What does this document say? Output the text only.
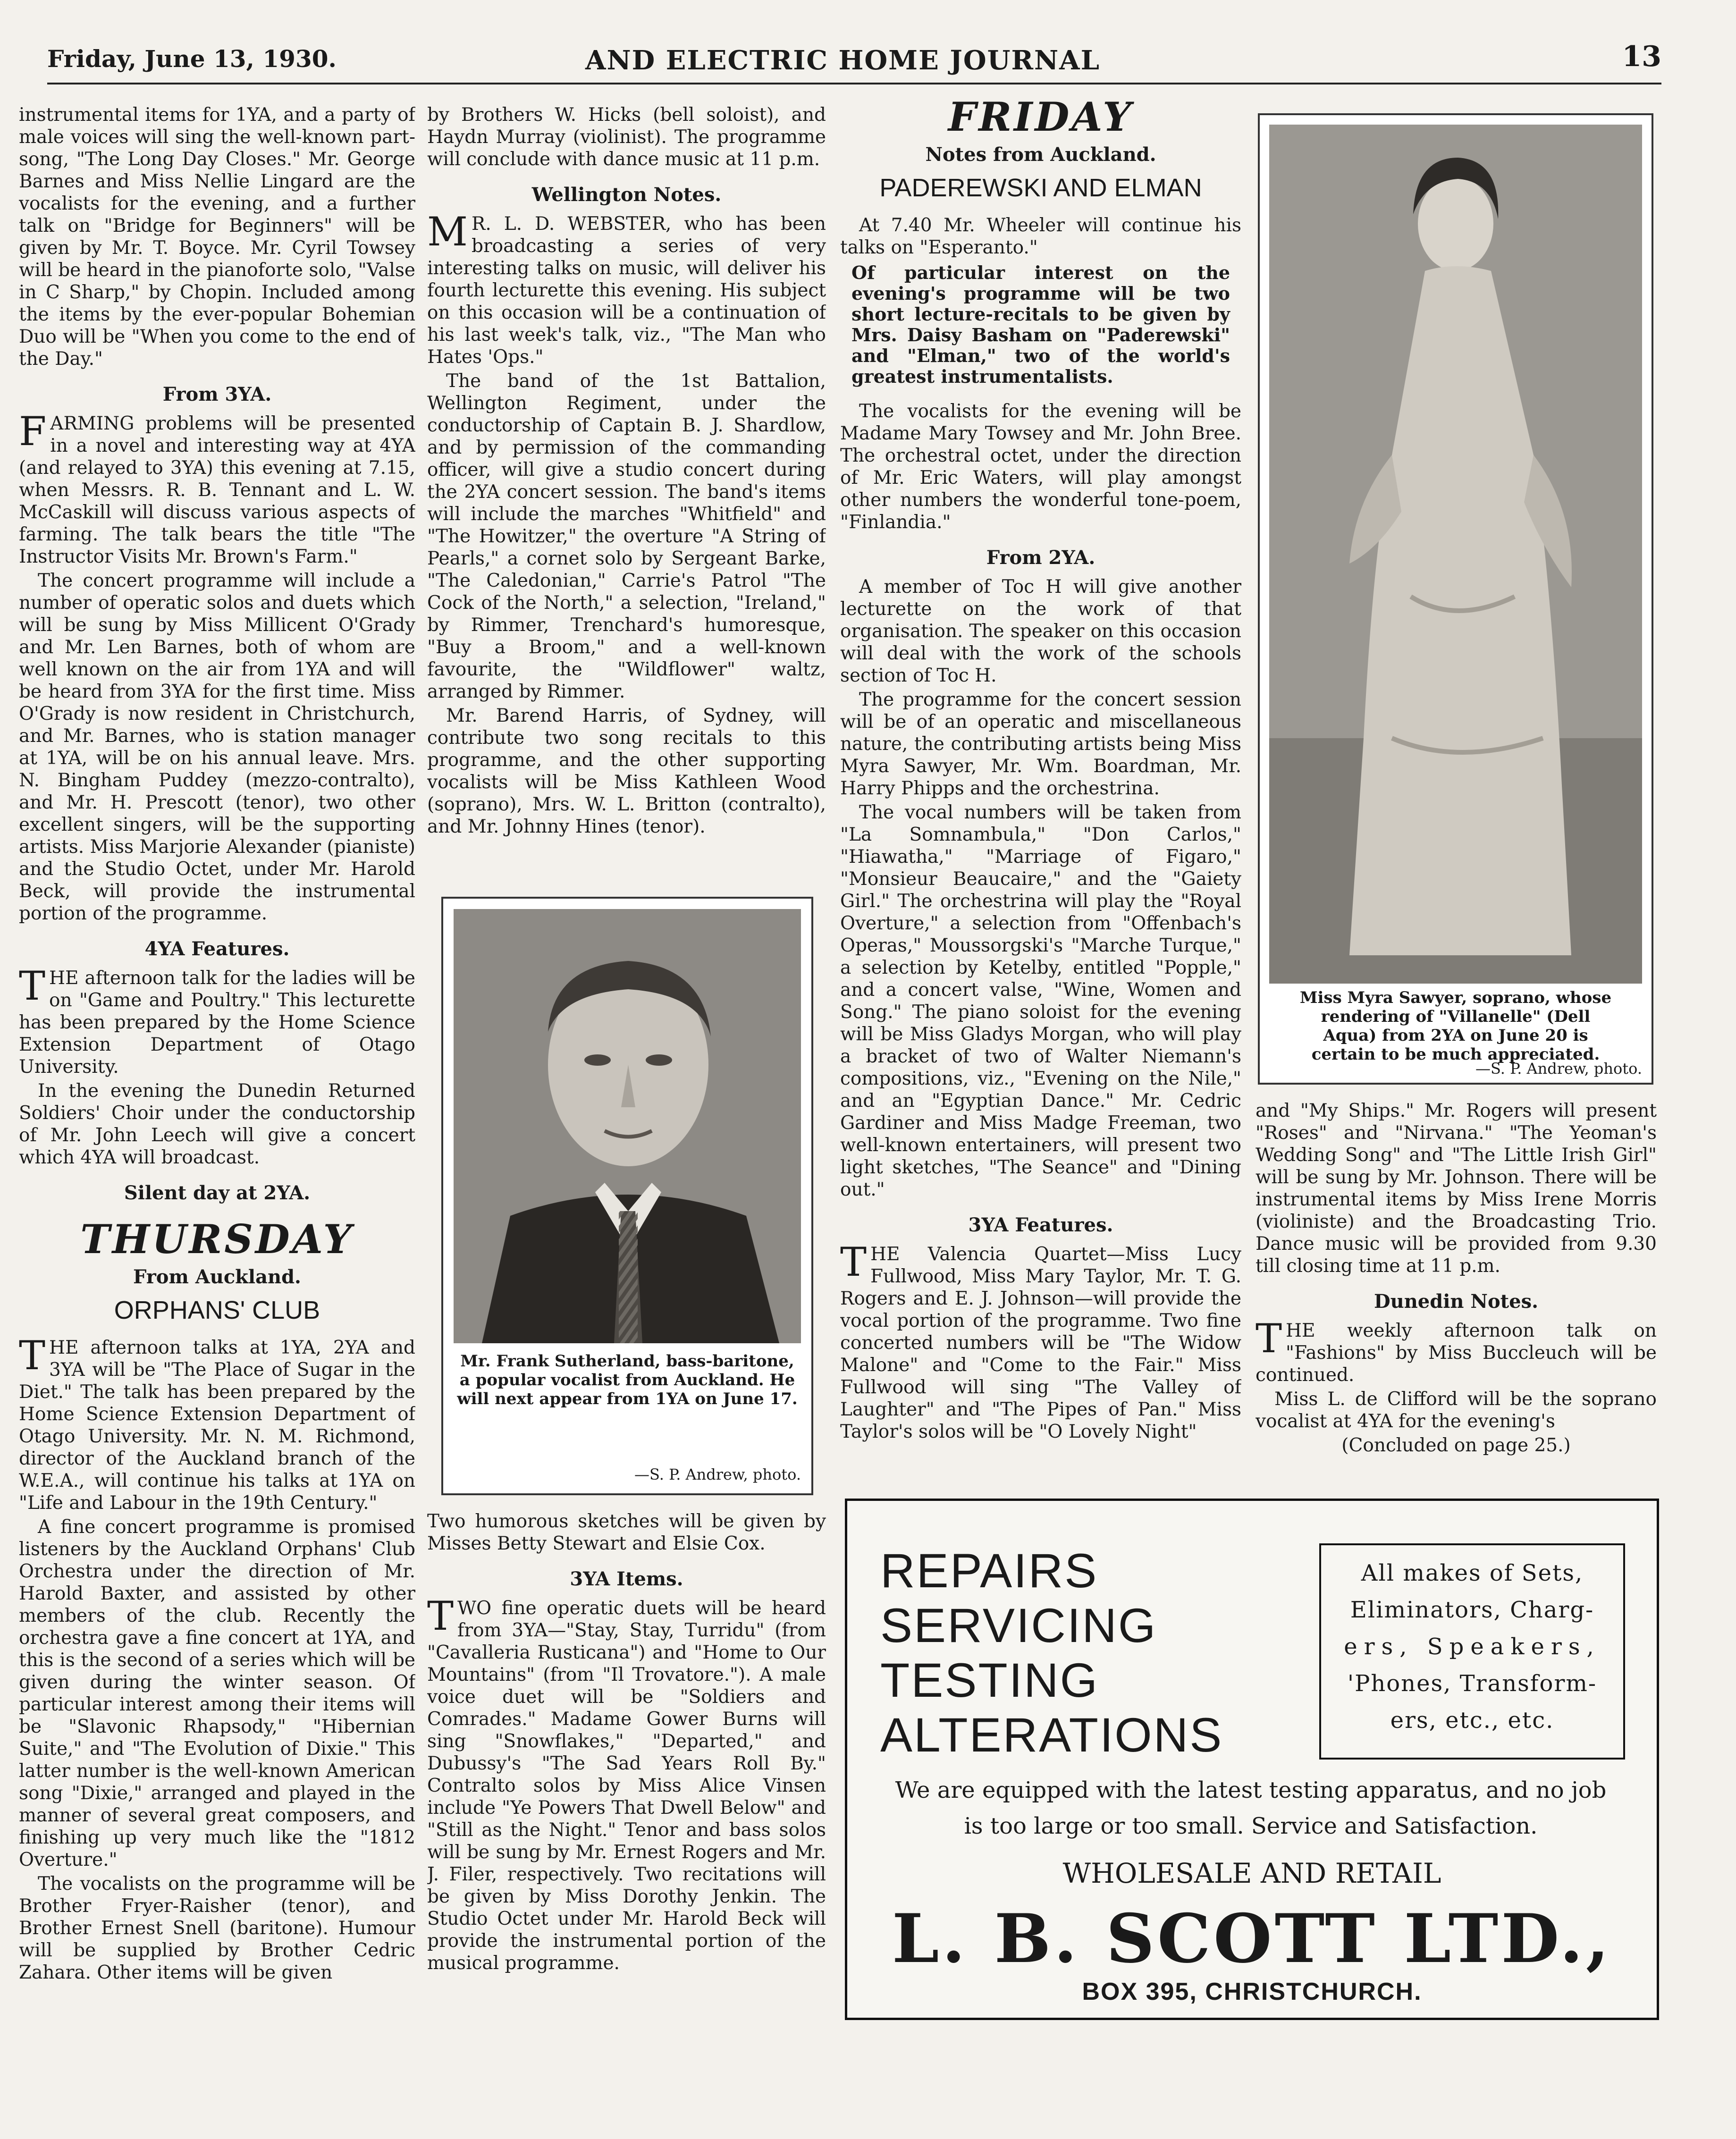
Friday, June 13, 1930.	AND ELECTRIC HOME JOURNAL	13

instrumental items for 1YA, and a party of male voices will sing the well-known part-song, "The Long Day Closes." Mr. George Barnes and Miss Nellie Lingard are the vocalists for the evening, and a further talk on "Bridge for Beginners" will be given by Mr. T. Boyce. Mr. Cyril Towsey will be heard in the pianoforte solo, "Valse in C Sharp," by Chopin. Included among the items by the ever-popular Bohemian Duo will be "When you come to the end of the Day."

From 3YA.

FARMING problems will be presented in a novel and interesting way at 4YA (and relayed to 3YA) this evening at 7.15, when Messrs. R. B. Tennant and L. W. McCaskill will discuss various aspects of farming. The talk bears the title "The Instructor Visits Mr. Brown's Farm."

The concert programme will include a number of operatic solos and duets which will be sung by Miss Millicent O'Grady and Mr. Len Barnes, both of whom are well known on the air from 1YA and will be heard from 3YA for the first time. Miss O'Grady is now resident in Christchurch, and Mr. Barnes, who is station manager at 1YA, will be on his annual leave. Mrs. N. Bingham Puddey (mezzo-contralto), and Mr. H. Prescott (tenor), two other excellent singers, will be the supporting artists. Miss Marjorie Alexander (pianiste) and the Studio Octet, under Mr. Harold Beck, will provide the instrumental portion of the programme.

4YA Features.

THE afternoon talk for the ladies will be on "Game and Poultry." This lecturette has been prepared by the Home Science Extension Department of Otago University.

In the evening the Dunedin Returned Soldiers' Choir under the conductorship of Mr. John Leech will give a concert which 4YA will broadcast.

Silent day at 2YA.
THURSDAY
From Auckland.
ORPHANS' CLUB

THE afternoon talks at 1YA, 2YA and 3YA will be "The Place of Sugar in the Diet." The talk has been prepared by the Home Science Extension Department of Otago University. Mr. N. M. Richmond, director of the Auckland branch of the W.E.A., will continue his talks at 1YA on "Life and Labour in the 19th Century."

A fine concert programme is promised listeners by the Auckland Orphans' Club Orchestra under the direction of Mr. Harold Baxter, and assisted by other members of the club. Recently the orchestra gave a fine concert at 1YA, and this is the second of a series which will be given during the winter season. Of particular interest among their items will be "Slavonic Rhapsody," "Hibernian Suite," and "The Evolution of Dixie." This latter number is the well-known American song "Dixie," arranged and played in the manner of several great composers, and finishing up very much like the "1812 Overture."

The vocalists on the programme will be Brother Fryer-Raisher (tenor), and Brother Ernest Snell (baritone). Humour will be supplied by Brother Cedric Zahara. Other items will be given

by Brothers W. Hicks (bell soloist), and Haydn Murray (violinist). The programme will conclude with dance music at 11 p.m.

Wellington Notes.

MR. L. D. WEBSTER, who has been broadcasting a series of very interesting talks on music, will deliver his fourth lecturette this evening. His subject on this occasion will be a continuation of his last week's talk, viz., "The Man who Hates 'Ops."

The band of the 1st Battalion, Wellington Regiment, under the conductorship of Captain B. J. Shardlow, and by permission of the commanding officer, will give a studio concert during the 2YA concert session. The band's items will include the marches "Whitfield" and "The Howitzer," the overture "A String of Pearls," a cornet solo by Sergeant Barke, "The Caledonian," Carrie's Patrol "The Cock of the North," a selection, "Ireland," by Rimmer, Trenchard's humoresque, "Buy a Broom," and a well-known favourite, the "Wildflower" waltz, arranged by Rimmer.

Mr. Barend Harris, of Sydney, will contribute two song recitals to this programme, and the other supporting vocalists will be Miss Kathleen Wood (soprano), Mrs. W. L. Britton (contralto), and Mr. Johnny Hines (tenor).

Mr. Frank Sutherland, bass-baritone, a popular vocalist from Auckland. He will next appear from 1YA on June 17.
—S. P. Andrew, photo.

Two humorous sketches will be given by Misses Betty Stewart and Elsie Cox.

3YA Items.

TWO fine operatic duets will be heard from 3YA—"Stay, Stay, Turridu" (from "Cavalleria Rusticana") and "Home to Our Mountains" (from "Il Trovatore."). A male voice duet will be "Soldiers and Comrades." Madame Gower Burns will sing "Snowflakes," "Departed," and Dubussy's "The Sad Years Roll By." Contralto solos by Miss Alice Vinsen include "Ye Powers That Dwell Below" and "Still as the Night." Tenor and bass solos will be sung by Mr. Ernest Rogers and Mr. J. Filer, respectively. Two recitations will be given by Miss Dorothy Jenkin. The Studio Octet under Mr. Harold Beck will provide the instrumental portion of the musical programme.

FRIDAY
Notes from Auckland.
PADEREWSKI AND ELMAN

At 7.40 Mr. Wheeler will continue his talks on "Esperanto."

Of particular interest on the evening's programme will be two short lecture-recitals to be given by Mrs. Daisy Basham on "Paderewski" and "Elman," two of the world's greatest instrumentalists.

The vocalists for the evening will be Madame Mary Towsey and Mr. John Bree. The orchestral octet, under the direction of Mr. Eric Waters, will play amongst other numbers the wonderful tone-poem, "Finlandia."

From 2YA.

A member of Toc H will give another lecturette on the work of that organisation. The speaker on this occasion will deal with the work of the schools section of Toc H.

The programme for the concert session will be of an operatic and miscellaneous nature, the contributing artists being Miss Myra Sawyer, Mr. Wm. Boardman, Mr. Harry Phipps and the orchestrina.

The vocal numbers will be taken from "La Somnambula," "Don Carlos," "Hiawatha," "Marriage of Figaro," "Monsieur Beaucaire," and the "Gaiety Girl." The orchestrina will play the "Royal Overture," a selection from "Offenbach's Operas," Moussorgski's "Marche Turque," a selection by Ketelby, entitled "Popple," and a concert valse, "Wine, Women and Song." The piano soloist for the evening will be Miss Gladys Morgan, who will play a bracket of two of Walter Niemann's compositions, viz., "Evening on the Nile," and an "Egyptian Dance." Mr. Cedric Gardiner and Miss Madge Freeman, two well-known entertainers, will present two light sketches, "The Seance" and "Dining out."

3YA Features.

THE Valencia Quartet—Miss Lucy Fullwood, Miss Mary Taylor, Mr. T. G. Rogers and E. J. Johnson—will provide the vocal portion of the programme. Two fine concerted numbers will be "The Widow Malone" and "Come to the Fair." Miss Fullwood will sing "The Valley of Laughter" and "The Pipes of Pan." Miss Taylor's solos will be "O Lovely Night"

Miss Myra Sawyer, soprano, whose rendering of "Villanelle" (Dell Aqua) from 2YA on June 20 is certain to be much appreciated.
—S. P. Andrew, photo.

and "My Ships." Mr. Rogers will present "Roses" and "Nirvana." "The Yeoman's Wedding Song" and "The Little Irish Girl" will be sung by Mr. Johnson. There will be instrumental items by Miss Irene Morris (violiniste) and the Broadcasting Trio. Dance music will be provided from 9.30 till closing time at 11 p.m.

Dunedin Notes.

THE weekly afternoon talk on "Fashions" by Miss Buccleuch will be continued.

Miss L. de Clifford will be the soprano vocalist at 4YA for the evening's

(Concluded on page 25.)

REPAIRS
SERVICING
TESTING
ALTERATIONS
All makes of Sets,
Eliminators, Charg-
ers, Speakers,
'Phones, Transform-
ers, etc., etc.
We are equipped with the latest testing apparatus, and no job is too large or too small. Service and Satisfaction.
WHOLESALE AND RETAIL
L. B. SCOTT LTD.,
BOX 395, CHRISTCHURCH.
